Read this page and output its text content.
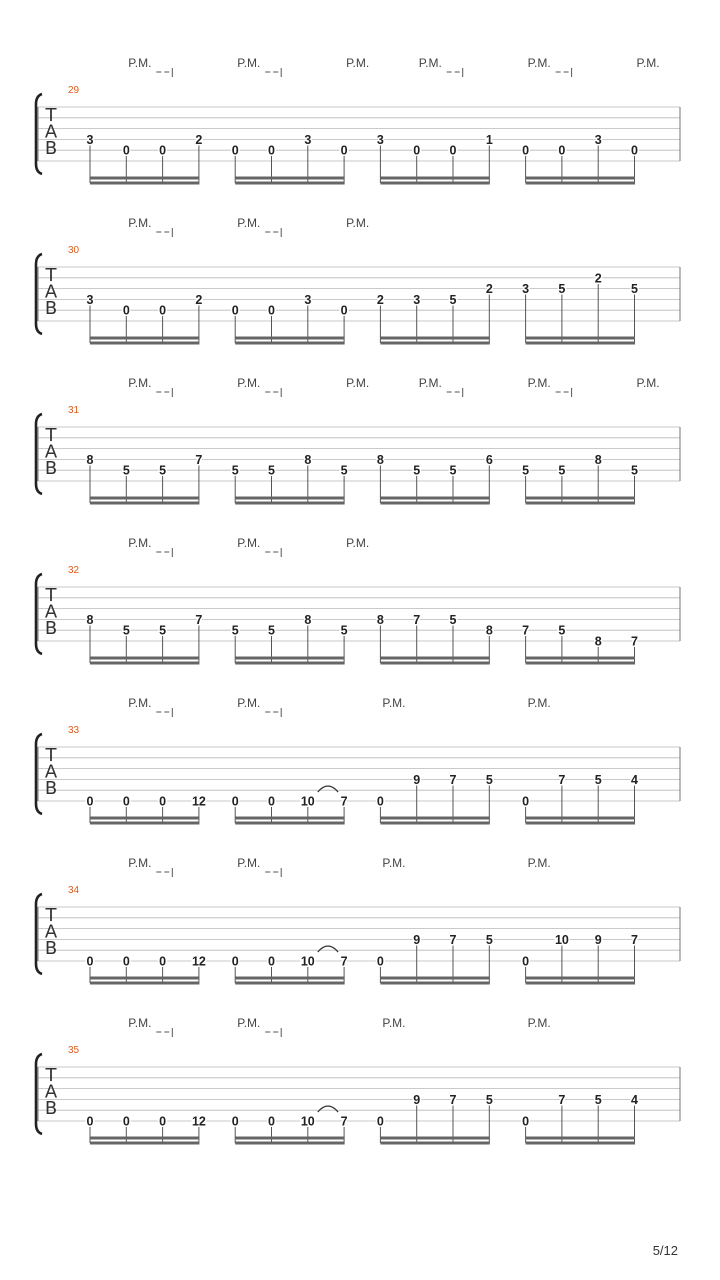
T
A
B
29
P.M.	P.M.	P.M.	P.M.	P.M.	P.M.
3
0 0
2
0 0
3
0
3
0 0
1
0 0
3
0
T
A
B
30
P.M.	P.M.	P.M.
3
0 0
2
0 0
3
0
2 3 5
2 3 5
2
5
T
A
B
31
P.M.	P.M.	P.M.	P.M.	P.M.	P.M.
8
5 5
7
5 5
8
5
8
5 5
6
5 5
8
5
T
A
B
32
P.M.	P.M.	P.M.
8
5 5
7
5 5
8
5
8 7 5
8 7 5
8 7
T
A
B
33
P.M.	P.M.	P.M.	P.M.
0 0 0 12 0 0 10 7 0
9 7 5
0
7 5 4
T
A
B
34
P.M.	P.M.	P.M.	P.M.
0 0 0 12 0 0 10 7 0
9 7 5
0
10 9 7
T
A
B
35
P.M.	P.M.	P.M.	P.M.
0 0 0 12 0 0 10 7 0
9 7 5
0
7 5 4
5/12
